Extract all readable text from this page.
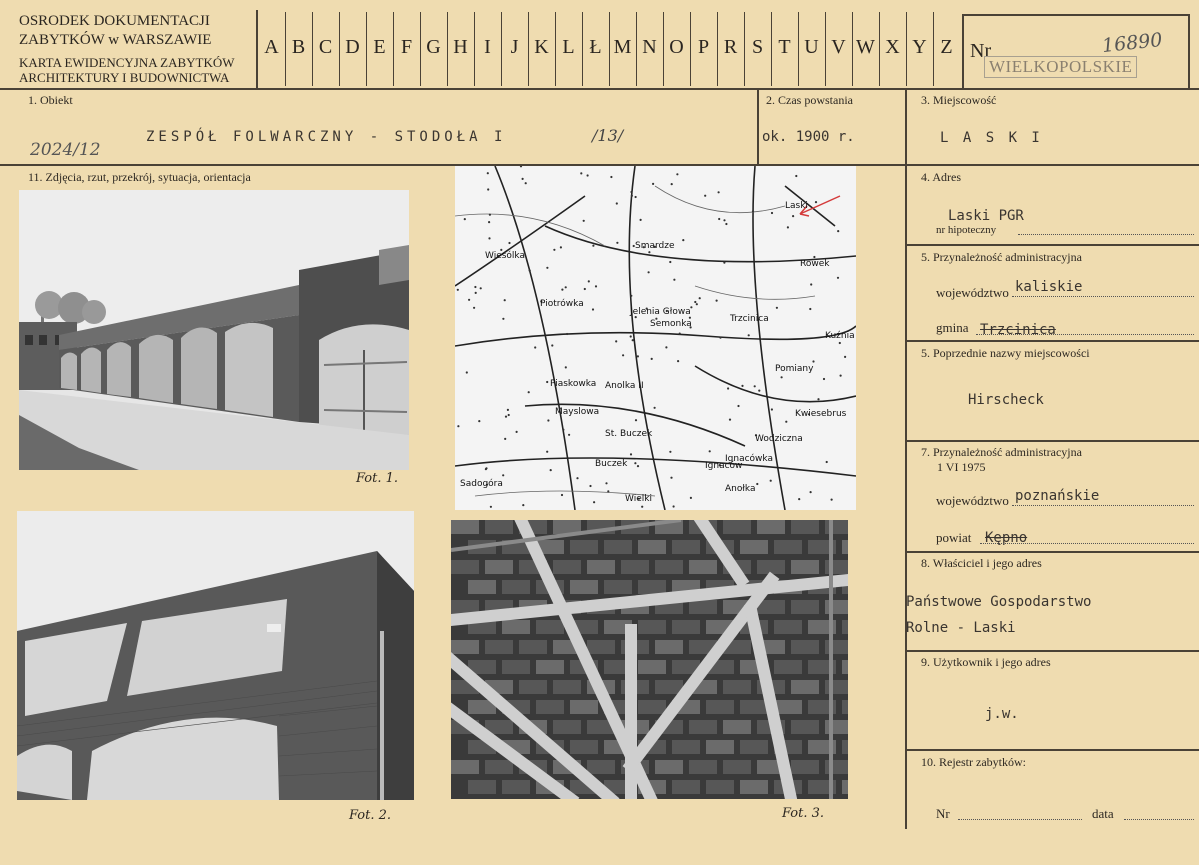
OSRODEK DOKUMENTACJI
ZABYTKÓW w WARSZAWIE
KARTA EWIDENCYJNA ZABYTKÓW
ARCHITEKTURY I BUDOWNICTWA
A B C D E F G H I J K L Ł M N O P R S T U V W X Y Z Nr	16890
WIELKOPOLSKIE
1. Obiekt
2024/12
ZESPÓŁ FOLWARCZNY - STODOŁA I	/13/
2. Czas powstania
ok. 1900 r.
3. Miejscowość
L A S K I
11. Zdjęcia, rzut, przekrój, sytuacja, orientacja
Fot. 1.
Laski
Smardze
Piotrówka
Jelenia Głowa
Semonka	Trzcinica
Kuźnia
Pomiany
Kwiesebrus
Wodziczna
Buczek
Wielki
Sadogóra
Ignacówka
Ignaców
Piaskowka
Mayslowa
St. Buczek
Anolka II
Anołka
Rowek
Wiesólka
Fot. 2.	Fot. 3.
4. Adres
Laski PGR
nr hipoteczny
5. Przynależność administracyjna
województwo kaliskie
gmina Trzcinica
5. Poprzednie nazwy miejscowości
Hirscheck
7. Przynależność administracyjna
1 VI 1975
województwo poznańskie
powiat Kępno
8. Właściciel i jego adres
Państwowe Gospodarstwo
Rolne - Laski
9. Użytkownik i jego adres
j.w.
10. Rejestr zabytków:
Nr	data
